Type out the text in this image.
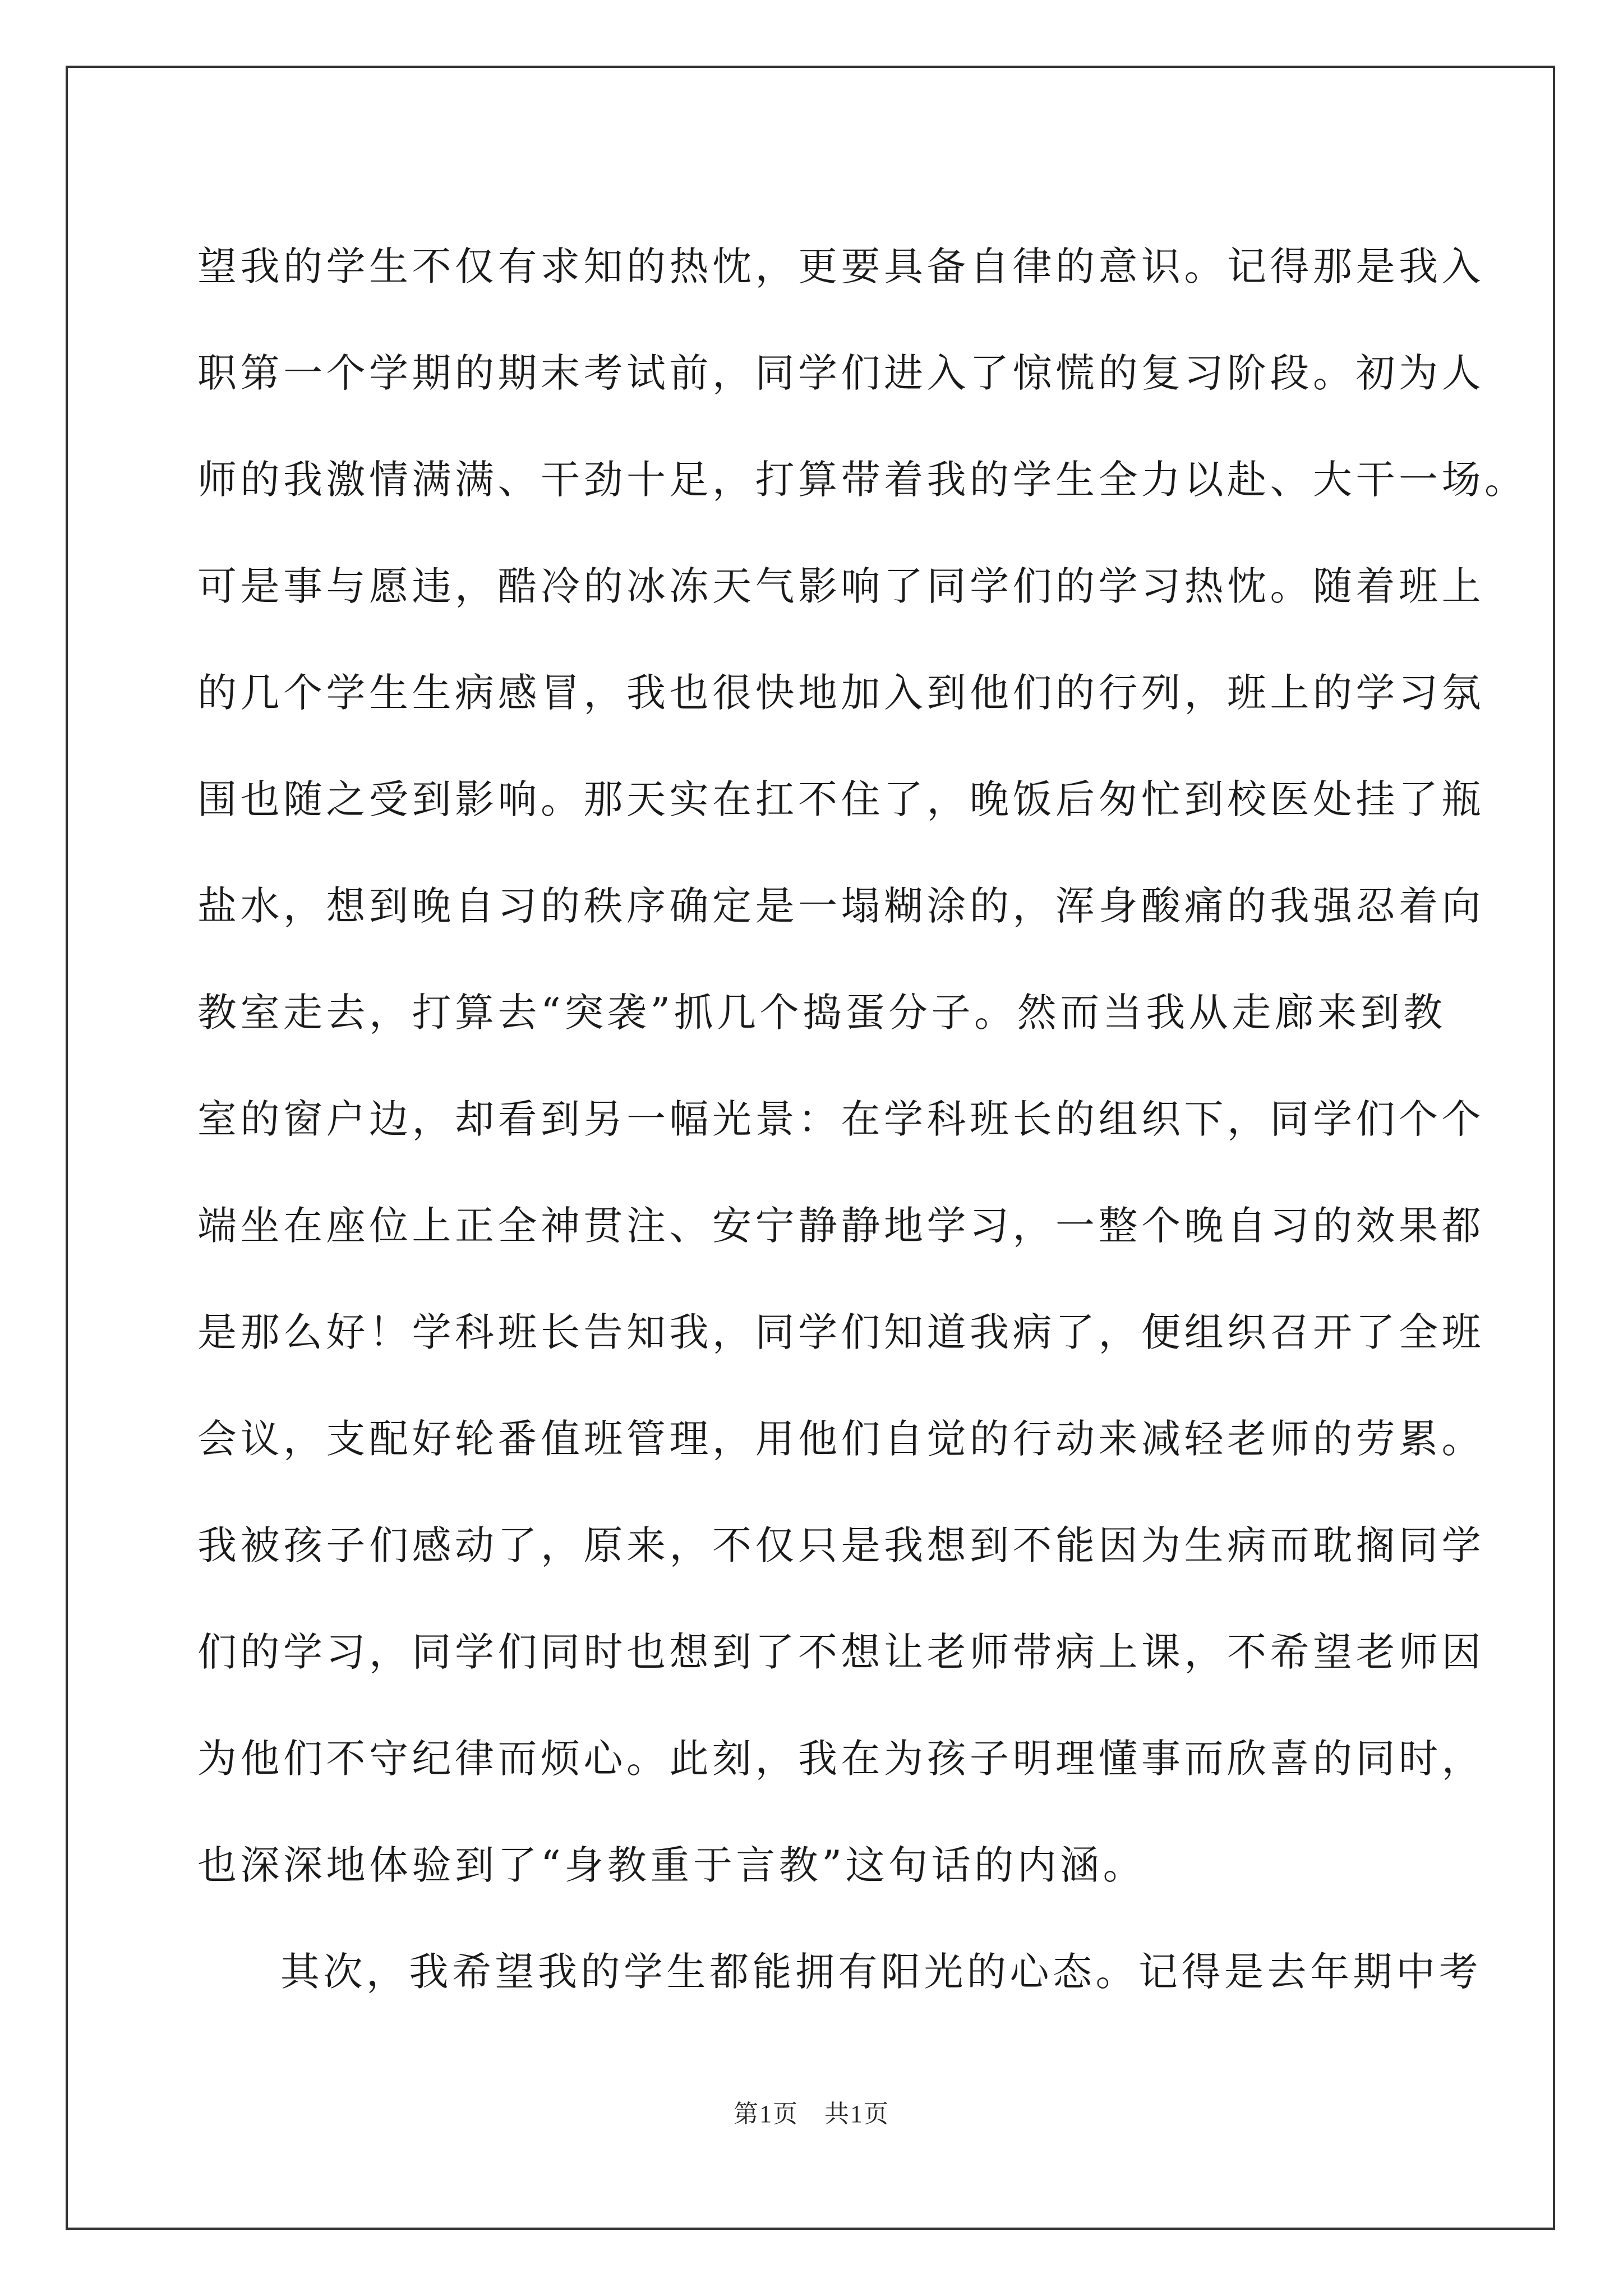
望我的学生不仅有求知的热忱，更要具备自律的意识。记得那是我入
职第一个学期的期末考试前，同学们进入了惊慌的复习阶段。初为人
师的我激情满满、干劲十足，打算带着我的学生全力以赴、大干一场。
可是事与愿违，酷冷的冰冻天气影响了同学们的学习热忱。随着班上
的几个学生生病感冒，我也很快地加入到他们的行列，班上的学习氛
围也随之受到影响。那天实在扛不住了，晚饭后匆忙到校医处挂了瓶
盐水，想到晚自习的秩序确定是一塌糊涂的，浑身酸痛的我强忍着向
教室走去，打算去“突袭”抓几个捣蛋分子。然而当我从走廊来到教
室的窗户边，却看到另一幅光景：在学科班长的组织下，同学们个个
端坐在座位上正全神贯注、安宁静静地学习，一整个晚自习的效果都
是那么好！学科班长告知我，同学们知道我病了，便组织召开了全班
会议，支配好轮番值班管理，用他们自觉的行动来减轻老师的劳累。
我被孩子们感动了，原来，不仅只是我想到不能因为生病而耽搁同学
们的学习，同学们同时也想到了不想让老师带病上课，不希望老师因
为他们不守纪律而烦心。此刻，我在为孩子明理懂事而欣喜的同时，
也深深地体验到了“身教重于言教”这句话的内涵。
其次，我希望我的学生都能拥有阳光的心态。记得是去年期中考
第1页 共1页
